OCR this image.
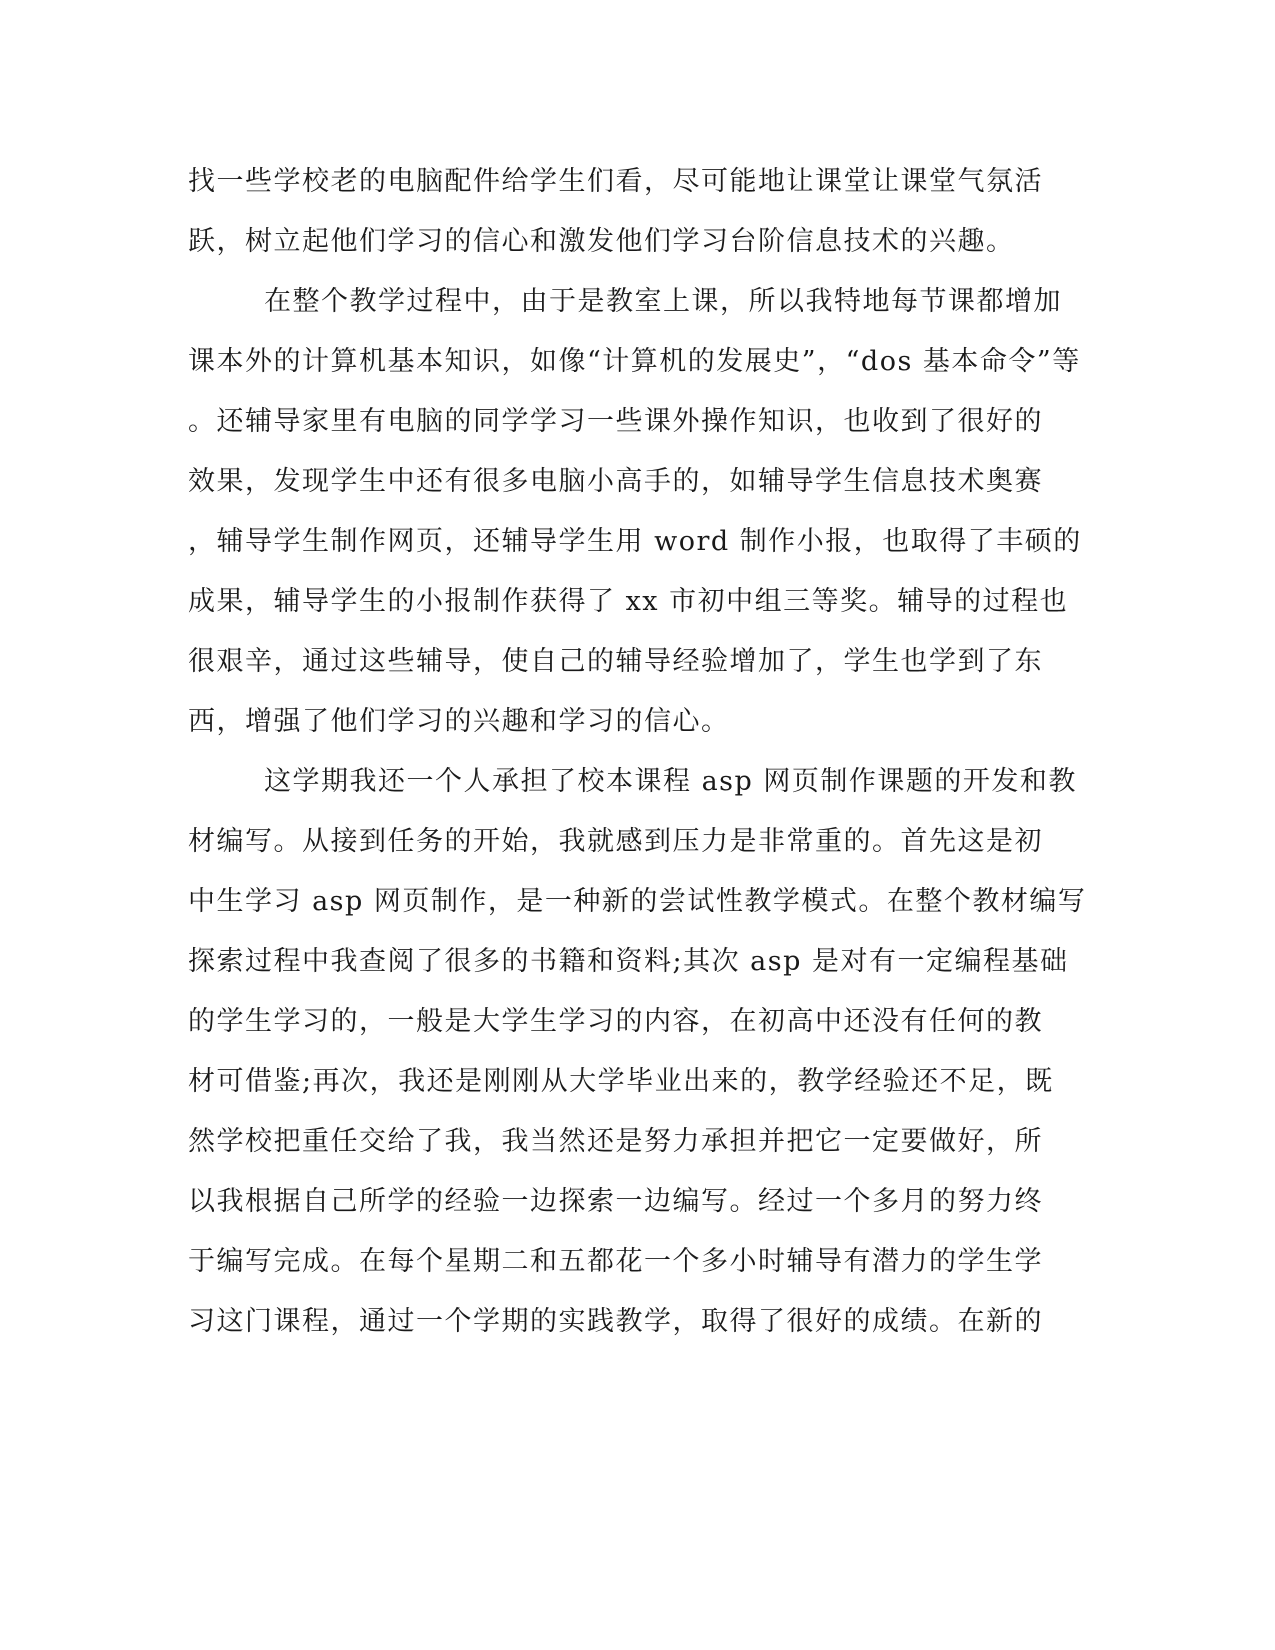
找一些学校老的电脑配件给学生们看，尽可能地让课堂让课堂气氛活
跃，树立起他们学习的信心和激发他们学习台阶信息技术的兴趣。
在整个教学过程中，由于是教室上课，所以我特地每节课都增加
课本外的计算机基本知识，如像“计算机的发展史”，“dos 基本命令”等
。还辅导家里有电脑的同学学习一些课外操作知识，也收到了很好的
效果，发现学生中还有很多电脑小高手的，如辅导学生信息技术奥赛
，辅导学生制作网页，还辅导学生用 word 制作小报，也取得了丰硕的
成果，辅导学生的小报制作获得了 xx 市初中组三等奖。辅导的过程也
很艰辛，通过这些辅导，使自己的辅导经验增加了，学生也学到了东
西，增强了他们学习的兴趣和学习的信心。
这学期我还一个人承担了校本课程 asp 网页制作课题的开发和教
材编写。从接到任务的开始，我就感到压力是非常重的。首先这是初
中生学习 asp 网页制作，是一种新的尝试性教学模式。在整个教材编写
探索过程中我查阅了很多的书籍和资料;其次 asp 是对有一定编程基础
的学生学习的，一般是大学生学习的内容，在初高中还没有任何的教
材可借鉴;再次，我还是刚刚从大学毕业出来的，教学经验还不足，既
然学校把重任交给了我，我当然还是努力承担并把它一定要做好，所
以我根据自己所学的经验一边探索一边编写。经过一个多月的努力终
于编写完成。在每个星期二和五都花一个多小时辅导有潜力的学生学
习这门课程，通过一个学期的实践教学，取得了很好的成绩。在新的
